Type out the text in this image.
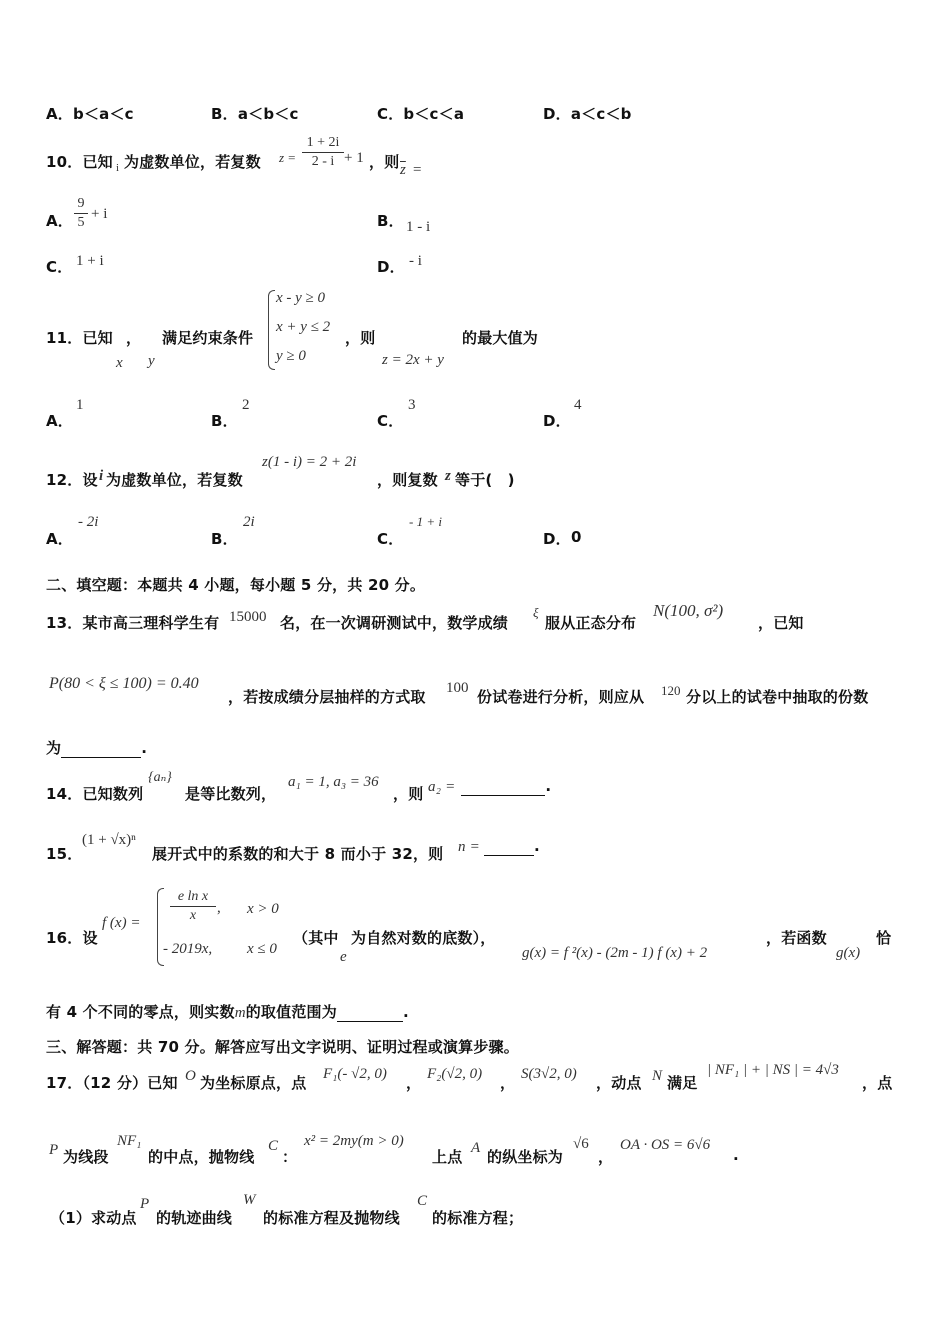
A．b＜a＜c	B．a＜b＜c	C．b＜c＜a	D．a＜c＜b
10．已知 i 为虚数单位，若复数 $z = \frac{1 + 2i}{2 - i} + 1$ ，则 $\overline{z}$ =
A． $\frac{9}{5} + i$	B． 1 - i
C． 1 + i	D． - i
11．已知 ， 满足约束条件
x y
x - y ≥ 0
x + y ≤ 2
y ≥ 0
，则
z = 2x + y
的最大值为
A．
1
B．
2
C．
3
D．
4
12．设 i 为虚数单位，若复数
z(1 - i) = 2 + 2i
，则复数 z 等于(　)
A．
- 2i
B．
2i
C．
- 1 + i
D． 0
二、填空题：本题共 4 小题，每小题 5 分，共 20 分。
13．某市高三理科学生有 15000 名，在一次调研测试中，数学成绩
ξ
服从正态分布
N(100, σ²)
，已知
P(80 < ξ ≤ 100) = 0.40
，若按成绩分层抽样的方式取 100 份试卷进行分析，则应从 120 分以上的试卷中抽取的份数
为	.
14．已知数列
{aₙ}
是等比数列，
a₁ = 1, a₃ = 36
，则 a₂ =	.
15．
(1 + √x)ⁿ
展开式中的系数的和大于 8 而小于 32，则 n =	.
16．设
f $(x) = \frac{\text{e ln x}}{x}$ , x > 0
- 2019x, x ≤ 0
（其中
e
为自然对数的底数），
g(x) = f ²(x) - (2m - 1) f (x) + 2
，若函数
g(x)
恰
有 4 个不同的零点，则实数m的取值范围为	.
三、解答题：共 70 分。解答应写出文字说明、证明过程或演算步骤。
17．（12 分）已知 O 为坐标原点，点 F₁(- √2, 0) ， F₂(√2, 0) ， S(3√2, 0) ，动点 N 满足
| NF₁ | + | NS | = 4√3
，点
P 为线段
NF₁
的中点，抛物线
C
：
x² = 2my(m > 0)
上点 A 的纵坐标为
√6
，
OA · OS = 6√6
.
（1）求动点
P
的轨迹曲线
W
的标准方程及抛物线
C
的标准方程；
